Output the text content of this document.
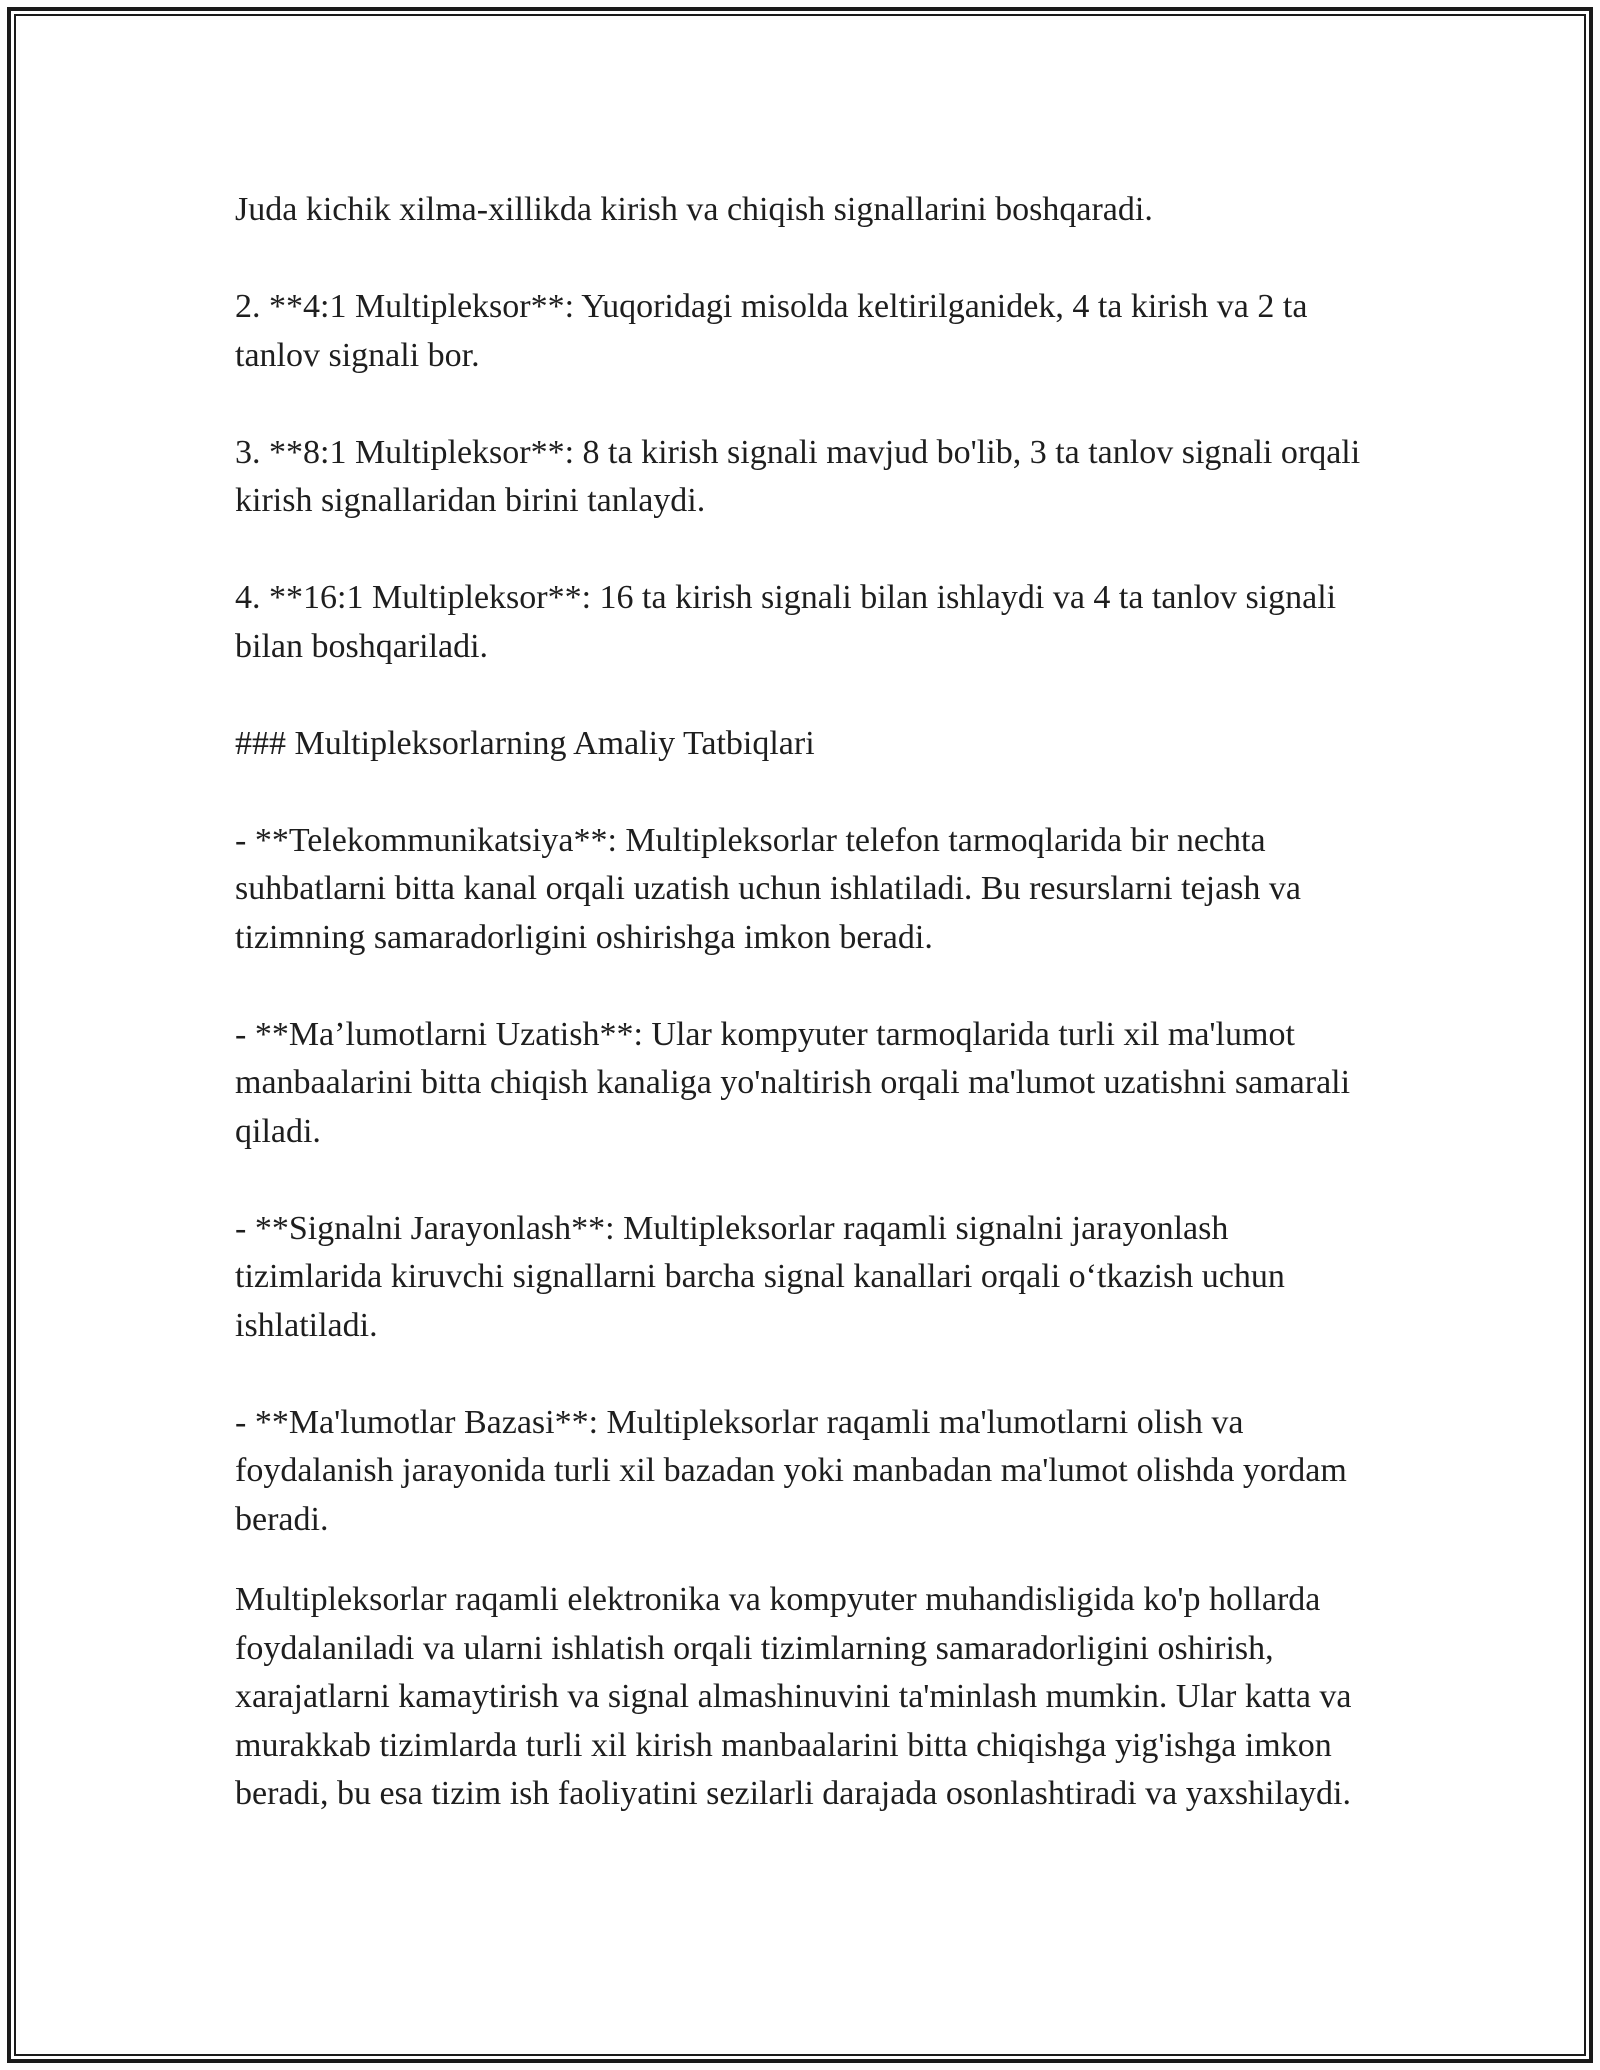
Juda kichik xilma-xillikda kirish va chiqish signallarini boshqaradi.

2. **4:1 Multipleksor**: Yuqoridagi misolda keltirilganidek, 4 ta kirish va 2 ta tanlov signali bor.

3. **8:1 Multipleksor**: 8 ta kirish signali mavjud bo'lib, 3 ta tanlov signali orqali kirish signallaridan birini tanlaydi.

4. **16:1 Multipleksor**: 16 ta kirish signali bilan ishlaydi va 4 ta tanlov signali bilan boshqariladi.

### Multipleksorlarning Amaliy Tatbiqlari

- **Telekommunikatsiya**: Multipleksorlar telefon tarmoqlarida bir nechta suhbatlarni bitta kanal orqali uzatish uchun ishlatiladi. Bu resurslarni tejash va tizimning samaradorligini oshirishga imkon beradi.

- **Ma’lumotlarni Uzatish**: Ular kompyuter tarmoqlarida turli xil ma'lumot manbaalarini bitta chiqish kanaliga yo'naltirish orqali ma'lumot uzatishni samarali qiladi.

- **Signalni Jarayonlash**: Multipleksorlar raqamli signalni jarayonlash tizimlarida kiruvchi signallarni barcha signal kanallari orqali o‘tkazish uchun ishlatiladi.

- **Ma'lumotlar Bazasi**: Multipleksorlar raqamli ma'lumotlarni olish va foydalanish jarayonida turli xil bazadan yoki manbadan ma'lumot olishda yordam beradi.

Multipleksorlar raqamli elektronika va kompyuter muhandisligida ko'p hollarda foydalaniladi va ularni ishlatish orqali tizimlarning samaradorligini oshirish, xarajatlarni kamaytirish va signal almashinuvini ta'minlash mumkin. Ular katta va murakkab tizimlarda turli xil kirish manbaalarini bitta chiqishga yig'ishga imkon beradi, bu esa tizim ish faoliyatini sezilarli darajada osonlashtiradi va yaxshilaydi.
